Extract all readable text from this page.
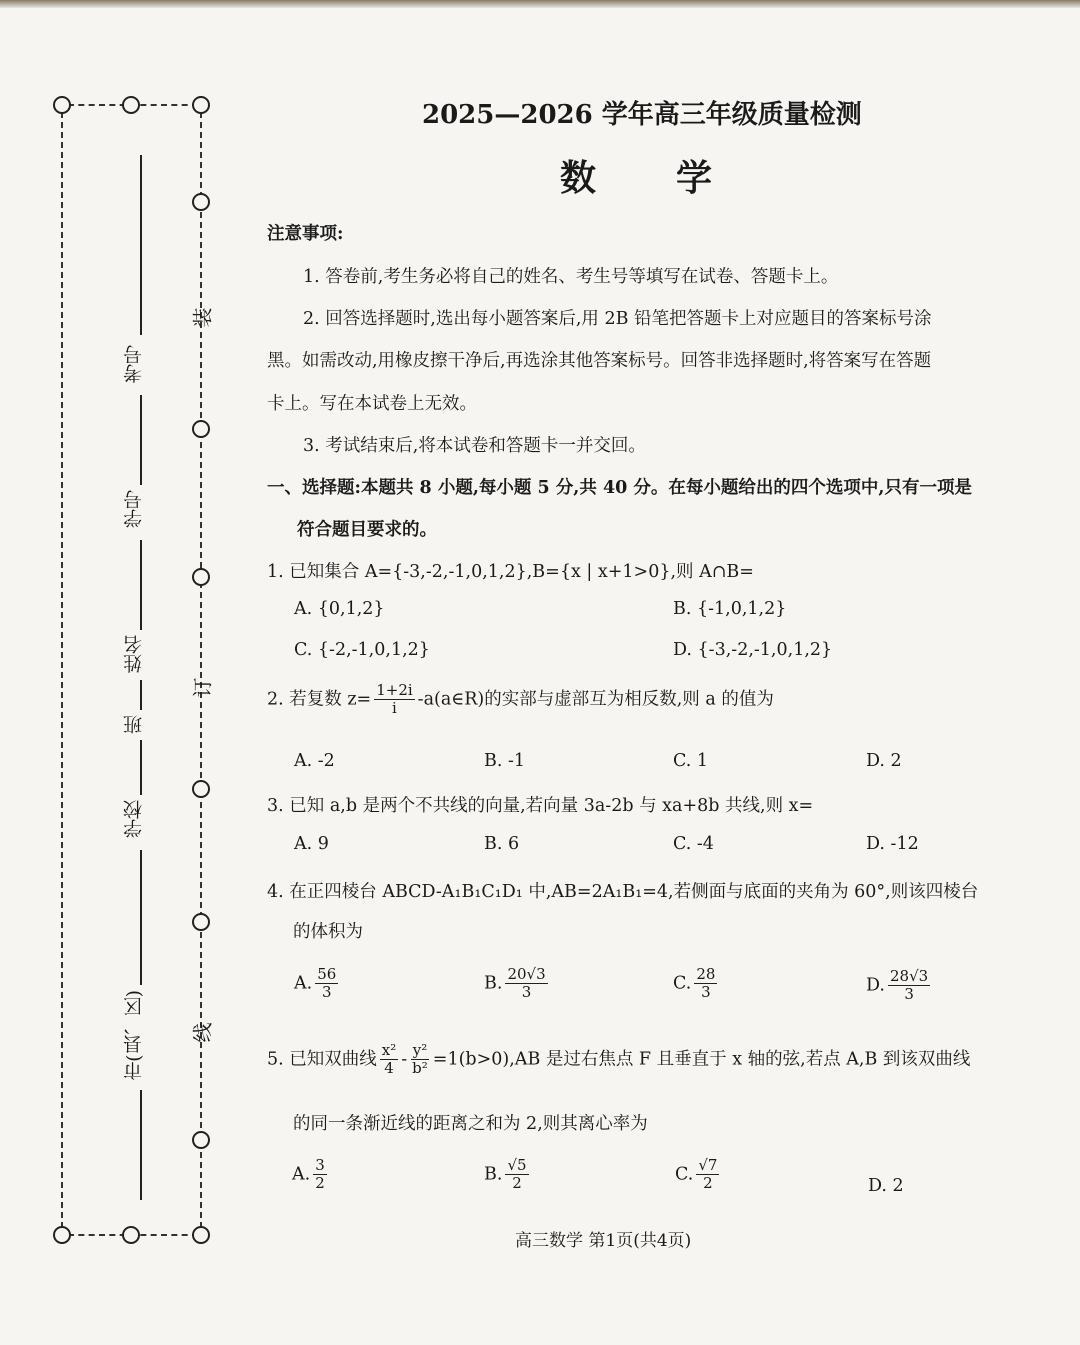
考号
学号
姓名
班
学校
市(县、区)
装
订
线
2025—2026 学年高三年级质量检测
数学
注意事项:
1. 答卷前,考生务必将自己的姓名、考生号等填写在试卷、答题卡上。
2. 回答选择题时,选出每小题答案后,用 2B 铅笔把答题卡上对应题目的答案标号涂
黑。如需改动,用橡皮擦干净后,再选涂其他答案标号。回答非选择题时,将答案写在答题
卡上。写在本试卷上无效。
3. 考试结束后,将本试卷和答题卡一并交回。
一、选择题:本题共 8 小题,每小题 5 分,共 40 分。在每小题给出的四个选项中,只有一项是
符合题目要求的。
1. 已知集合 A={-3,-2,-1,0,1,2},B={x | x+1>0},则 A∩B=
A. {0,1,2}	B. {-1,0,1,2}
C. {-2,-1,0,1,2}	D. {-3,-2,-1,0,1,2}
2. 若复数 $z= \frac{1+2i}{i}$ -a(a∈R)的实部与虚部互为相反数,则 a 的值为
A. -2	B. -1	C. 1	D. 2
3. 已知 a,b 是两个不共线的向量,若向量 3a-2b 与 xa+8b 共线,则 x=
A. 9	B. 6	C. -4	D. -12
4. 在正四棱台 ABCD-A₁B₁C₁D₁ 中,AB=2A₁B₁=4,若侧面与底面的夹角为 60°,则该四棱台
的体积为
A. $\frac{56}{3}$	B. $\frac{20√3}{3}$	C. $\frac{28}{3}$	D. $\frac{28√3}{3}$
5. 已知双曲线 $\frac{\text{x²}}{4} - \frac{\text{y²}}{\text{b²}} =1(b>0),AB$ 是过右焦点 F 且垂直于 x 轴的弦,若点 A,B 到该双曲线
的同一条渐近线的距离之和为 2,则其离心率为
A. $\frac{3}{2}$	B. $\frac{√5}{2}$	C. $\frac{√7}{2}$	D. 2
高三数学 第1页(共4页)
